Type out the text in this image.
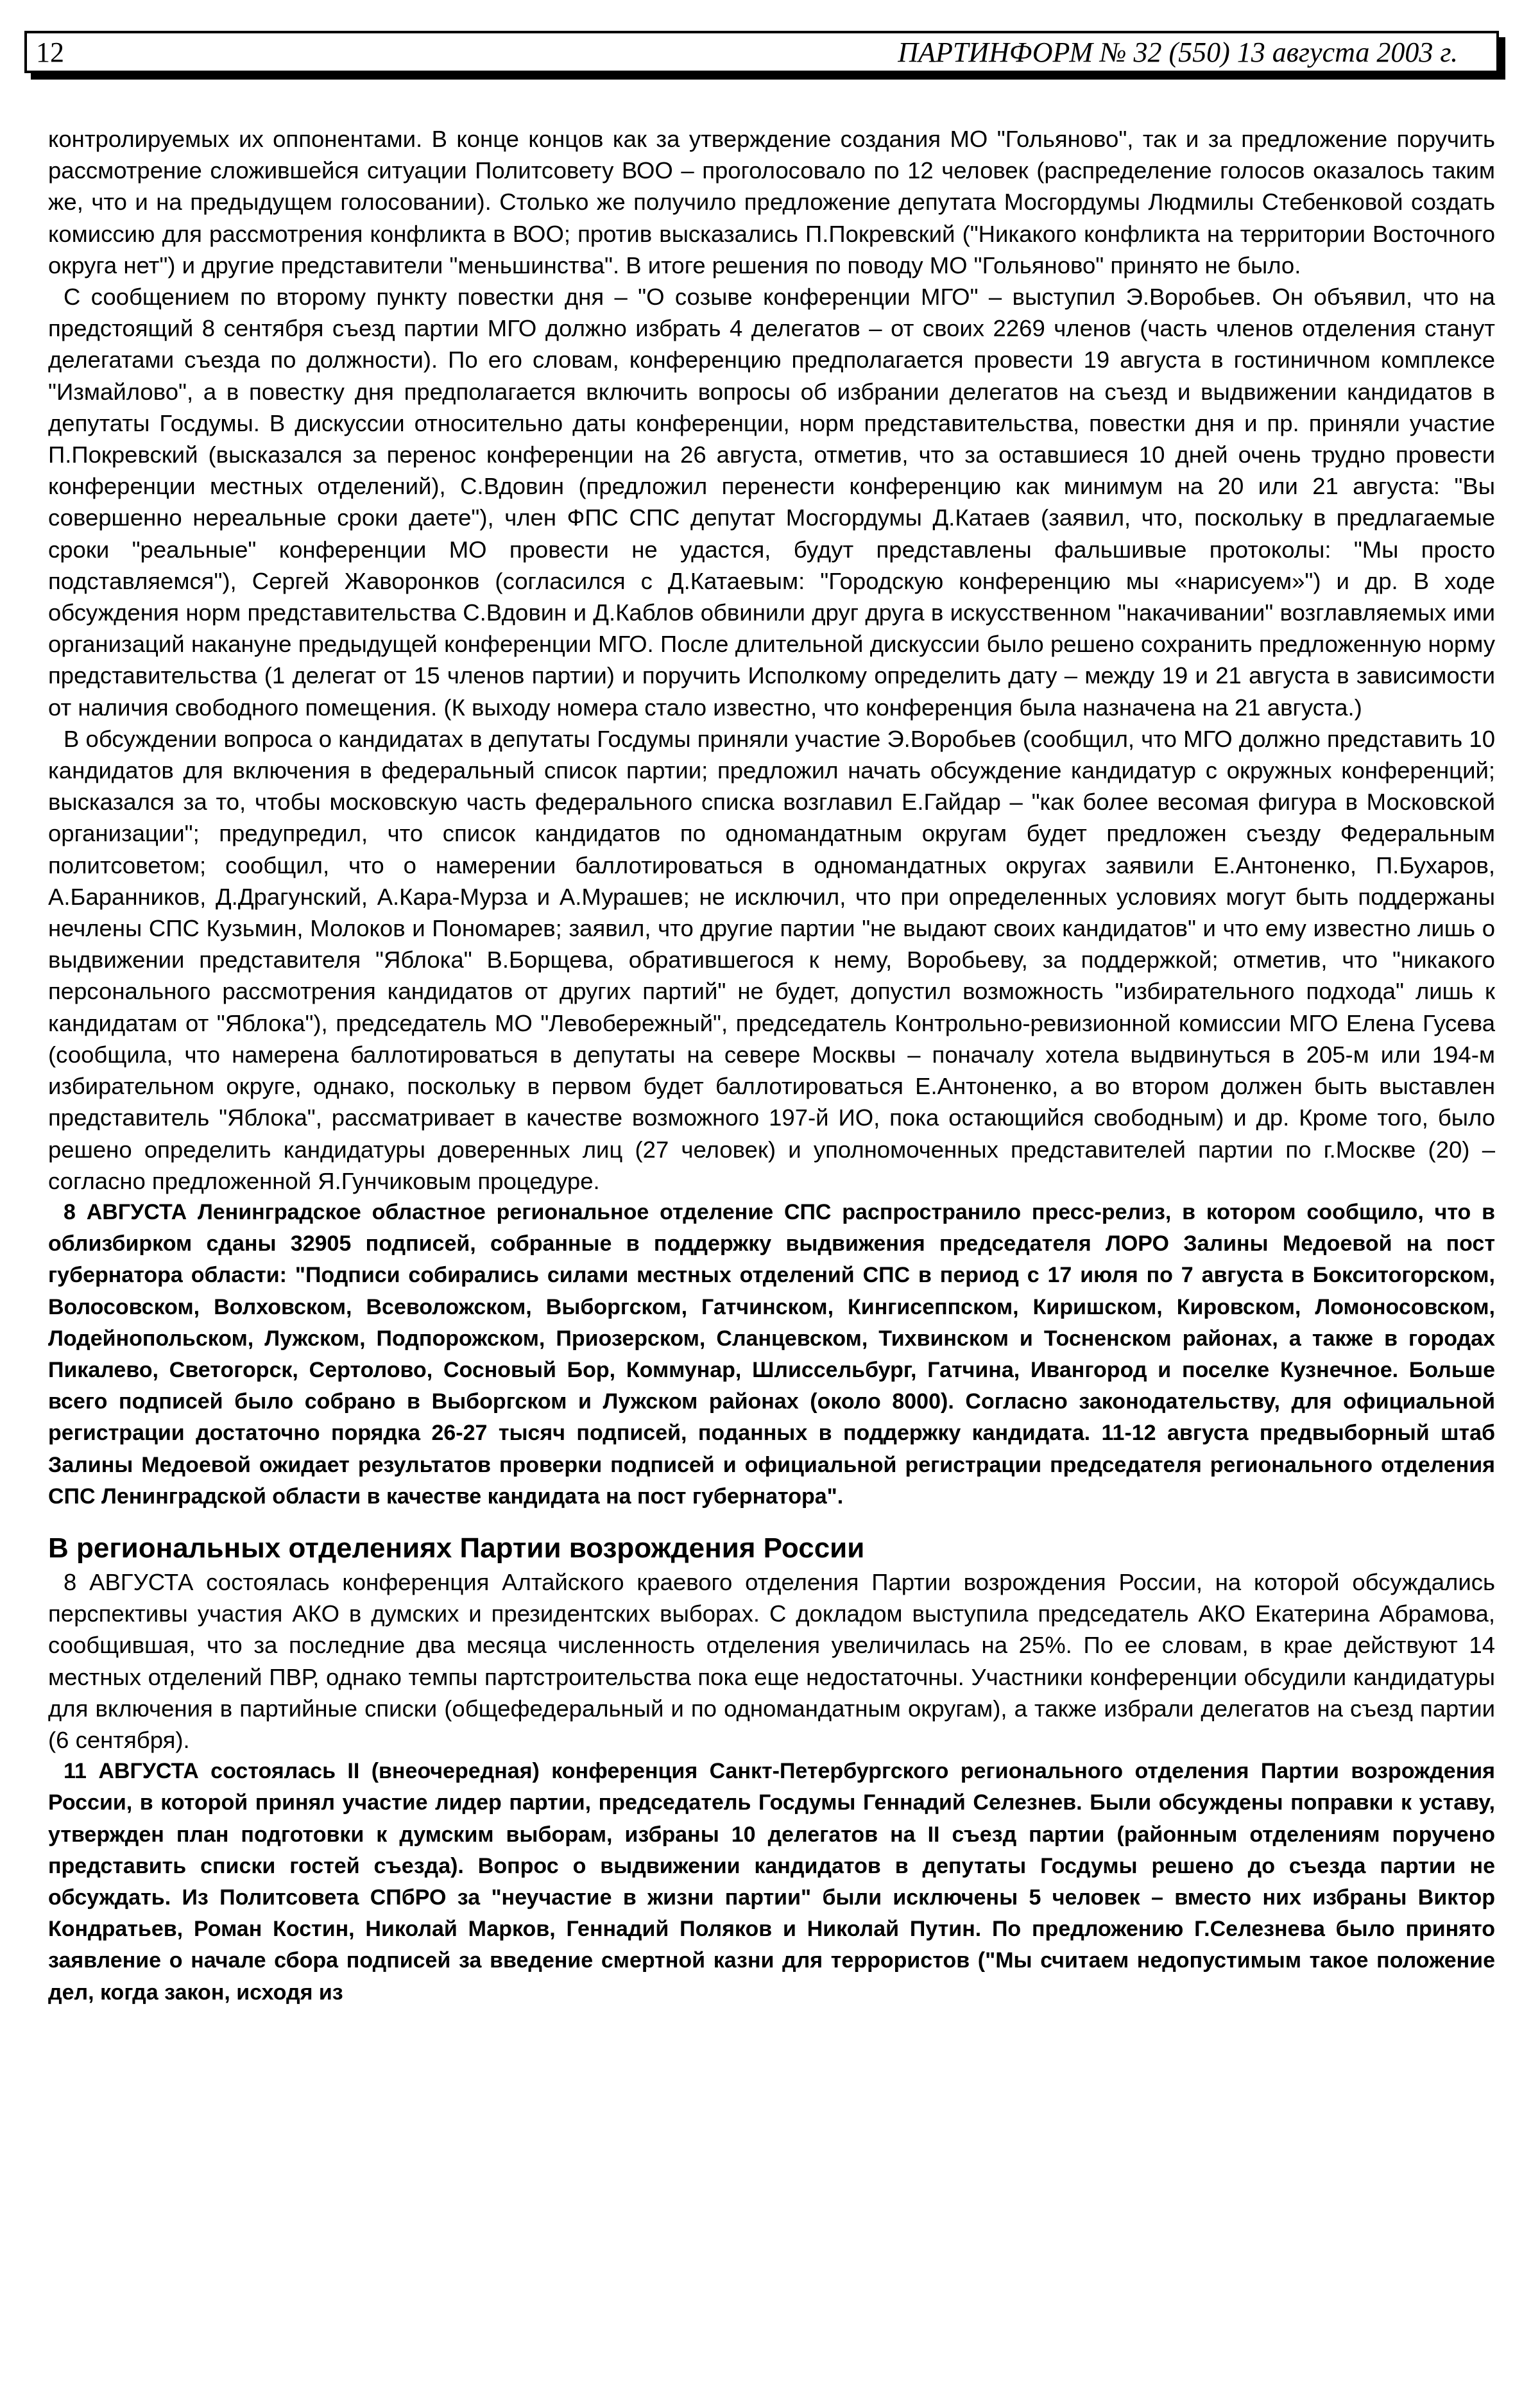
12	ПАРТИНФОРМ № 32 (550) 13 августа 2003 г.

контролируемых их оппонентами. В конце концов как за утверждение создания МО "Гольяново", так и за предложение поручить рассмотрение сложившейся ситуации Политсовету ВОО – проголосовало по 12 человек (распределение голосов оказалось таким же, что и на предыдущем голосовании). Столько же получило предложение депутата Мосгордумы Людмилы Стебенковой создать комиссию для рассмотрения конфликта в ВОО; против высказались П.Покревский ("Никакого конфликта на территории Восточного округа нет") и другие представители "меньшинства". В итоге решения по поводу МО "Гольяново" принято не было.

С сообщением по второму пункту повестки дня – "О созыве конференции МГО" – выступил Э.Воробьев. Он объявил, что на предстоящий 8 сентября съезд партии МГО должно избрать 4 делегатов – от своих 2269 членов (часть членов отделения станут делегатами съезда по должности). По его словам, конференцию предполагается провести 19 августа в гостиничном комплексе "Измайлово", а в повестку дня предполагается включить вопросы об избрании делегатов на съезд и выдвижении кандидатов в депутаты Госдумы. В дискуссии относительно даты конференции, норм представительства, повестки дня и пр. приняли участие П.Покревский (высказался за перенос конференции на 26 августа, отметив, что за оставшиеся 10 дней очень трудно провести конференции местных отделений), С.Вдовин (предложил перенести конференцию как минимум на 20 или 21 августа: "Вы совершенно нереальные сроки даете"), член ФПС СПС депутат Мосгордумы Д.Катаев (заявил, что, поскольку в предлагаемые сроки "реальные" конференции МО провести не удастся, будут представлены фальшивые протоколы: "Мы просто подставляемся"), Сергей Жаворонков (согласился с Д.Катаевым: "Городскую конференцию мы «нарисуем»") и др. В ходе обсуждения норм представительства С.Вдовин и Д.Каблов обвинили друг друга в искусственном "накачивании" возглавляемых ими организаций накануне предыдущей конференции МГО. После длительной дискуссии было решено сохранить предложенную норму представительства (1 делегат от 15 членов партии) и поручить Исполкому определить дату – между 19 и 21 августа в зависимости от наличия свободного помещения. (К выходу номера стало известно, что конференция была назначена на 21 августа.)

В обсуждении вопроса о кандидатах в депутаты Госдумы приняли участие Э.Воробьев (сообщил, что МГО должно представить 10 кандидатов для включения в федеральный список партии; предложил начать обсуждение кандидатур с окружных конференций; высказался за то, чтобы московскую часть федерального списка возглавил Е.Гайдар – "как более весомая фигура в Московской организации"; предупредил, что список кандидатов по одномандатным округам будет предложен съезду Федеральным политсоветом; сообщил, что о намерении баллотироваться в одномандатных округах заявили Е.Антоненко, П.Бухаров, А.Баранников, Д.Драгунский, А.Кара-Мурза и А.Мурашев; не исключил, что при определенных условиях могут быть поддержаны нечлены СПС Кузьмин, Молоков и Пономарев; заявил, что другие партии "не выдают своих кандидатов" и что ему известно лишь о выдвижении представителя "Яблока" В.Борщева, обратившегося к нему, Воробьеву, за поддержкой; отметив, что "никакого персонального рассмотрения кандидатов от других партий" не будет, допустил возможность "избирательного подхода" лишь к кандидатам от "Яблока"), председатель МО "Левобережный", председатель Контрольно-ревизионной комиссии МГО Елена Гусева (сообщила, что намерена баллотироваться в депутаты на севере Москвы – поначалу хотела выдвинуться в 205-м или 194-м избирательном округе, однако, поскольку в первом будет баллотироваться Е.Антоненко, а во втором должен быть выставлен представитель "Яблока", рассматривает в качестве возможного 197-й ИО, пока остающийся свободным) и др. Кроме того, было решено определить кандидатуры доверенных лиц (27 человек) и уполномоченных представителей партии по г.Москве (20) – согласно предложенной Я.Гунчиковым процедуре.

8 АВГУСТА Ленинградское областное региональное отделение СПС распространило пресс-релиз, в котором сообщило, что в облизбирком сданы 32905 подписей, собранные в поддержку выдвижения председателя ЛОРО Залины Медоевой на пост губернатора области: "Подписи собирались силами местных отделений СПС в период с 17 июля по 7 августа в Бокситогорском, Волосовском, Волховском, Всеволожском, Выборгском, Гатчинском, Кингисеппском, Киришском, Кировском, Ломоносовском, Лодейнопольском, Лужском, Подпорожском, Приозерском, Сланцевском, Тихвинском и Тосненском районах, а также в городах Пикалево, Светогорск, Сертолово, Сосновый Бор, Коммунар, Шлиссельбург, Гатчина, Ивангород и поселке Кузнечное. Больше всего подписей было собрано в Выборгском и Лужском районах (около 8000). Согласно законодательству, для официальной регистрации достаточно порядка 26-27 тысяч подписей, поданных в поддержку кандидата. 11-12 августа предвыборный штаб Залины Медоевой ожидает результатов проверки подписей и официальной регистрации председателя регионального отделения СПС Ленинградской области в качестве кандидата на пост губернатора".

В региональных отделениях Партии возрождения России

8 АВГУСТА состоялась конференция Алтайского краевого отделения Партии возрождения России, на которой обсуждались перспективы участия АКО в думских и президентских выборах. С докладом выступила председатель АКО Екатерина Абрамова, сообщившая, что за последние два месяца численность отделения увеличилась на 25%. По ее словам, в крае действуют 14 местных отделений ПВР, однако темпы партстроительства пока еще недостаточны. Участники конференции обсудили кандидатуры для включения в партийные списки (общефедеральный и по одномандатным округам), а также избрали делегатов на съезд партии (6 сентября).

11 АВГУСТА состоялась II (внеочередная) конференция Санкт-Петербургского регионального отделения Партии возрождения России, в которой принял участие лидер партии, председатель Госдумы Геннадий Селезнев. Были обсуждены поправки к уставу, утвержден план подготовки к думским выборам, избраны 10 делегатов на II съезд партии (районным отделениям поручено представить списки гостей съезда). Вопрос о выдвижении кандидатов в депутаты Госдумы решено до съезда партии не обсуждать. Из Политсовета СПбРО за "неучастие в жизни партии" были исключены 5 человек – вместо них избраны Виктор Кондратьев, Роман Костин, Николай Марков, Геннадий Поляков и Николай Путин. По предложению Г.Селезнева было принято заявление о начале сбора подписей за введение смертной казни для террористов ("Мы считаем недопустимым такое положение дел, когда закон, исходя из
